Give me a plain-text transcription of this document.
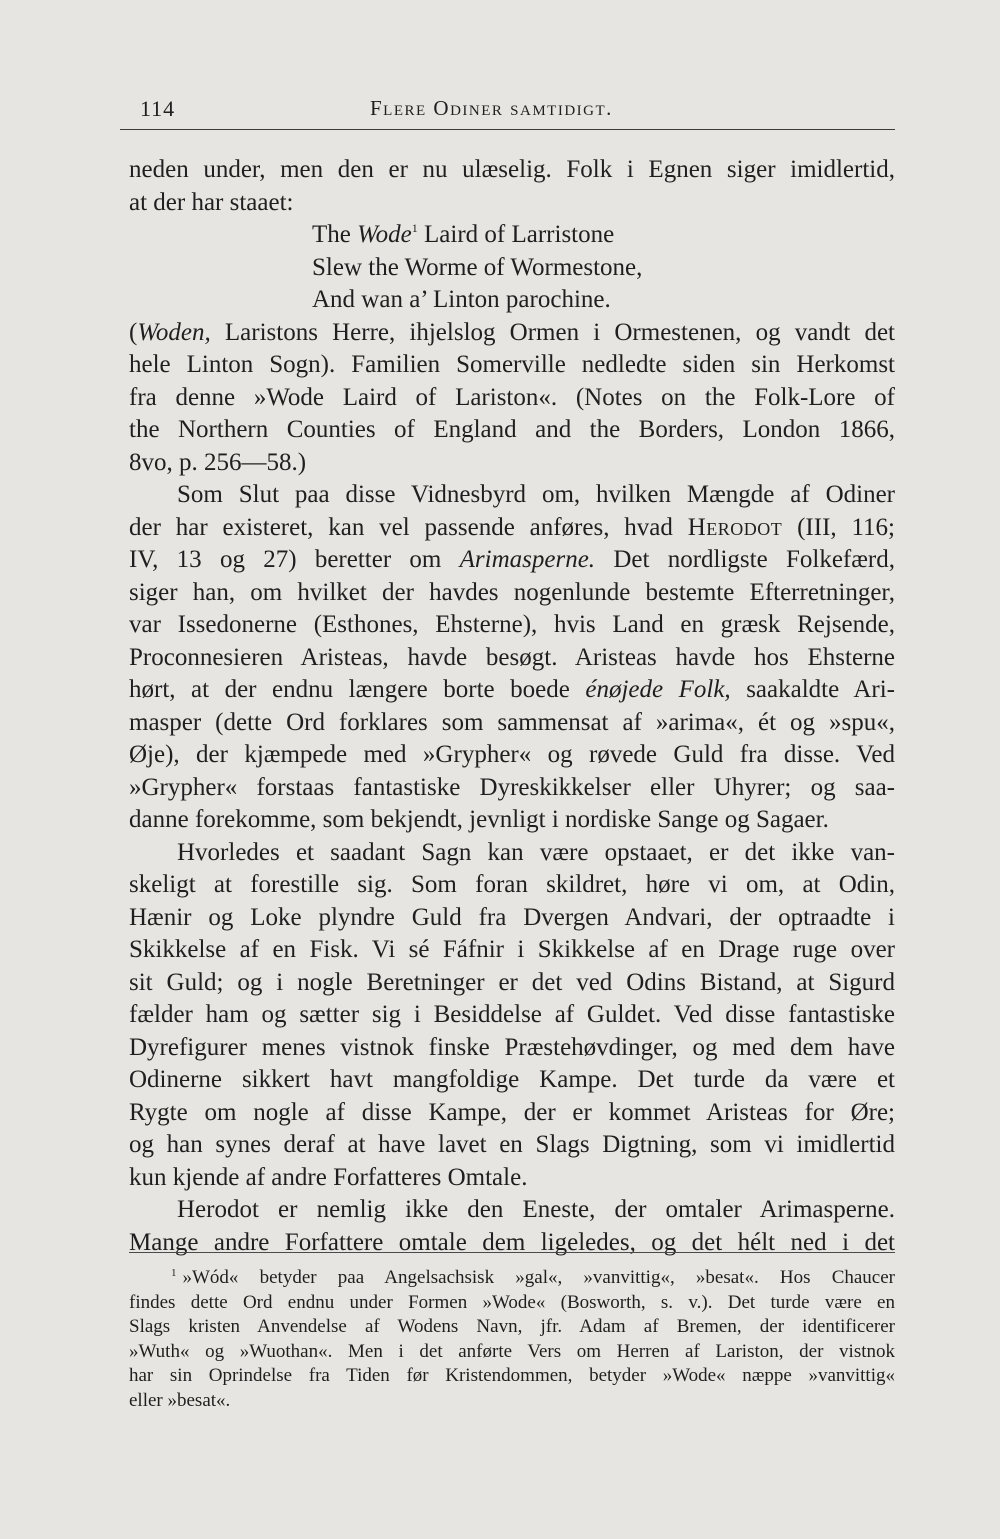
114	Flere Odiner samtidigt.
neden under, men den er nu ulæselig. Folk i Egnen siger imidlertid,
at der har staaet:
The Wode$^1$ Laird of Larristone
Slew the Worme of Wormestone,
And wan a’ Linton parochine.
(Woden, Laristons Herre, ihjelslog Ormen i Ormestenen, og vandt det
hele Linton Sogn). Familien Somerville nedledte siden sin Herkomst
fra denne »Wode Laird of Lariston«. (Notes on the Folk-Lore of
the Northern Counties of England and the Borders, London 1866,
8vo, p. 256—58.)
Som Slut paa disse Vidnesbyrd om, hvilken Mængde af Odiner
der har existeret, kan vel passende anføres, hvad Herodot (III, 116;
IV, 13 og 27) beretter om Arimasperne. Det nordligste Folkefærd,
siger han, om hvilket der havdes nogenlunde bestemte Efterretninger,
var Issedonerne (Esthones, Ehsterne), hvis Land en græsk Rejsende,
Proconnesieren Aristeas, havde besøgt. Aristeas havde hos Ehsterne
hørt, at der endnu længere borte boede énøjede Folk, saakaldte Ari-
masper (dette Ord forklares som sammensat af »arima«, ét og »spu«,
Øje), der kjæmpede med »Grypher« og røvede Guld fra disse. Ved
»Grypher« forstaas fantastiske Dyreskikkelser eller Uhyrer; og saa-
danne forekomme, som bekjendt, jevnligt i nordiske Sange og Sagaer.
Hvorledes et saadant Sagn kan være opstaaet, er det ikke van-
skeligt at forestille sig. Som foran skildret, høre vi om, at Odin,
Hænir og Loke plyndre Guld fra Dvergen Andvari, der optraadte i
Skikkelse af en Fisk. Vi sé Fáfnir i Skikkelse af en Drage ruge over
sit Guld; og i nogle Beretninger er det ved Odins Bistand, at Sigurd
fælder ham og sætter sig i Besiddelse af Guldet. Ved disse fantastiske
Dyrefigurer menes vistnok finske Præstehøvdinger, og med dem have
Odinerne sikkert havt mangfoldige Kampe. Det turde da være et
Rygte om nogle af disse Kampe, der er kommet Aristeas for Øre;
og han synes deraf at have lavet en Slags Digtning, som vi imidlertid
kun kjende af andre Forfatteres Omtale.
Herodot er nemlig ikke den Eneste, der omtaler Arimasperne.
Mange andre Forfattere omtale dem ligeledes, og det hélt ned i det
$^1$ »Wód« betyder paa Angelsachsisk »gal«, »vanvittig«, »besat«. Hos Chaucer
findes dette Ord endnu under Formen »Wode« (Bosworth, s. v.). Det turde være en
Slags kristen Anvendelse af Wodens Navn, jfr. Adam af Bremen, der identificerer
»Wuth« og »Wuothan«. Men i det anførte Vers om Herren af Lariston, der vistnok
har sin Oprindelse fra Tiden før Kristendommen, betyder »Wode« næppe »vanvittig«
eller »besat«.
